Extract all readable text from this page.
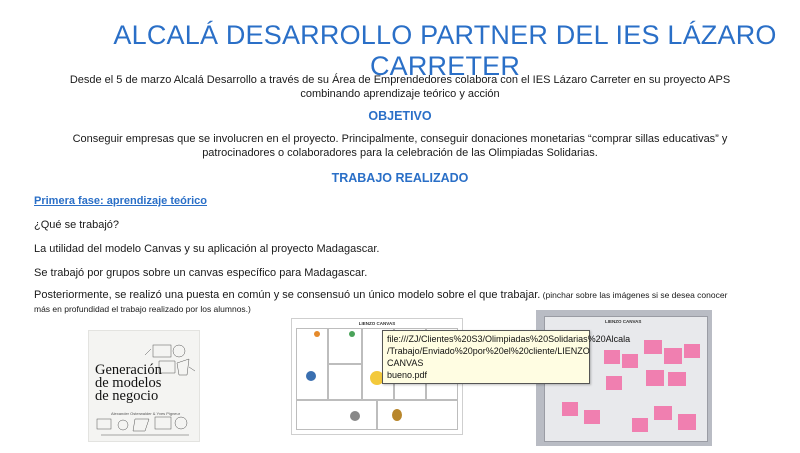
ALCALÁ DESARROLLO PARTNER DEL IES LÁZARO CARRETER
Desde el 5 de marzo Alcalá Desarrollo a través de su Área de Emprendedores colabora con el IES Lázaro Carreter en su proyecto APS
combinando aprendizaje teórico y acción
OBJETIVO
Conseguir empresas que se involucren en el proyecto. Principalmente, conseguir donaciones monetarias “comprar sillas educativas” y
patrocinadores o colaboradores para la celebración de las Olimpiadas Solidarias.
TRABAJO REALIZADO
Primera fase: aprendizaje teórico
¿Qué se trabajó?
La utilidad del modelo Canvas y su aplicación al proyecto Madagascar.
Se trabajó por grupos sobre un canvas específico para Madagascar.
Posteriormente, se realizó una puesta en común y se consensuó un único modelo sobre el que trabajar. (pinchar sobre las imágenes si se desea conocer
más en profundidad el trabajo realizado por los alumnos.)
Generación
de modelos
de negocio
Alexander Osterwalder & Yves Pigneur
LIENZO CANVAS	LIENZO CANVAS
file:///ZJ/Clientes%20S3/Olimpiadas%20Solidarias%20Alcala
/Trabajo/Enviado%20por%20el%20cliente/LIENZO CANVAS
bueno.pdf
